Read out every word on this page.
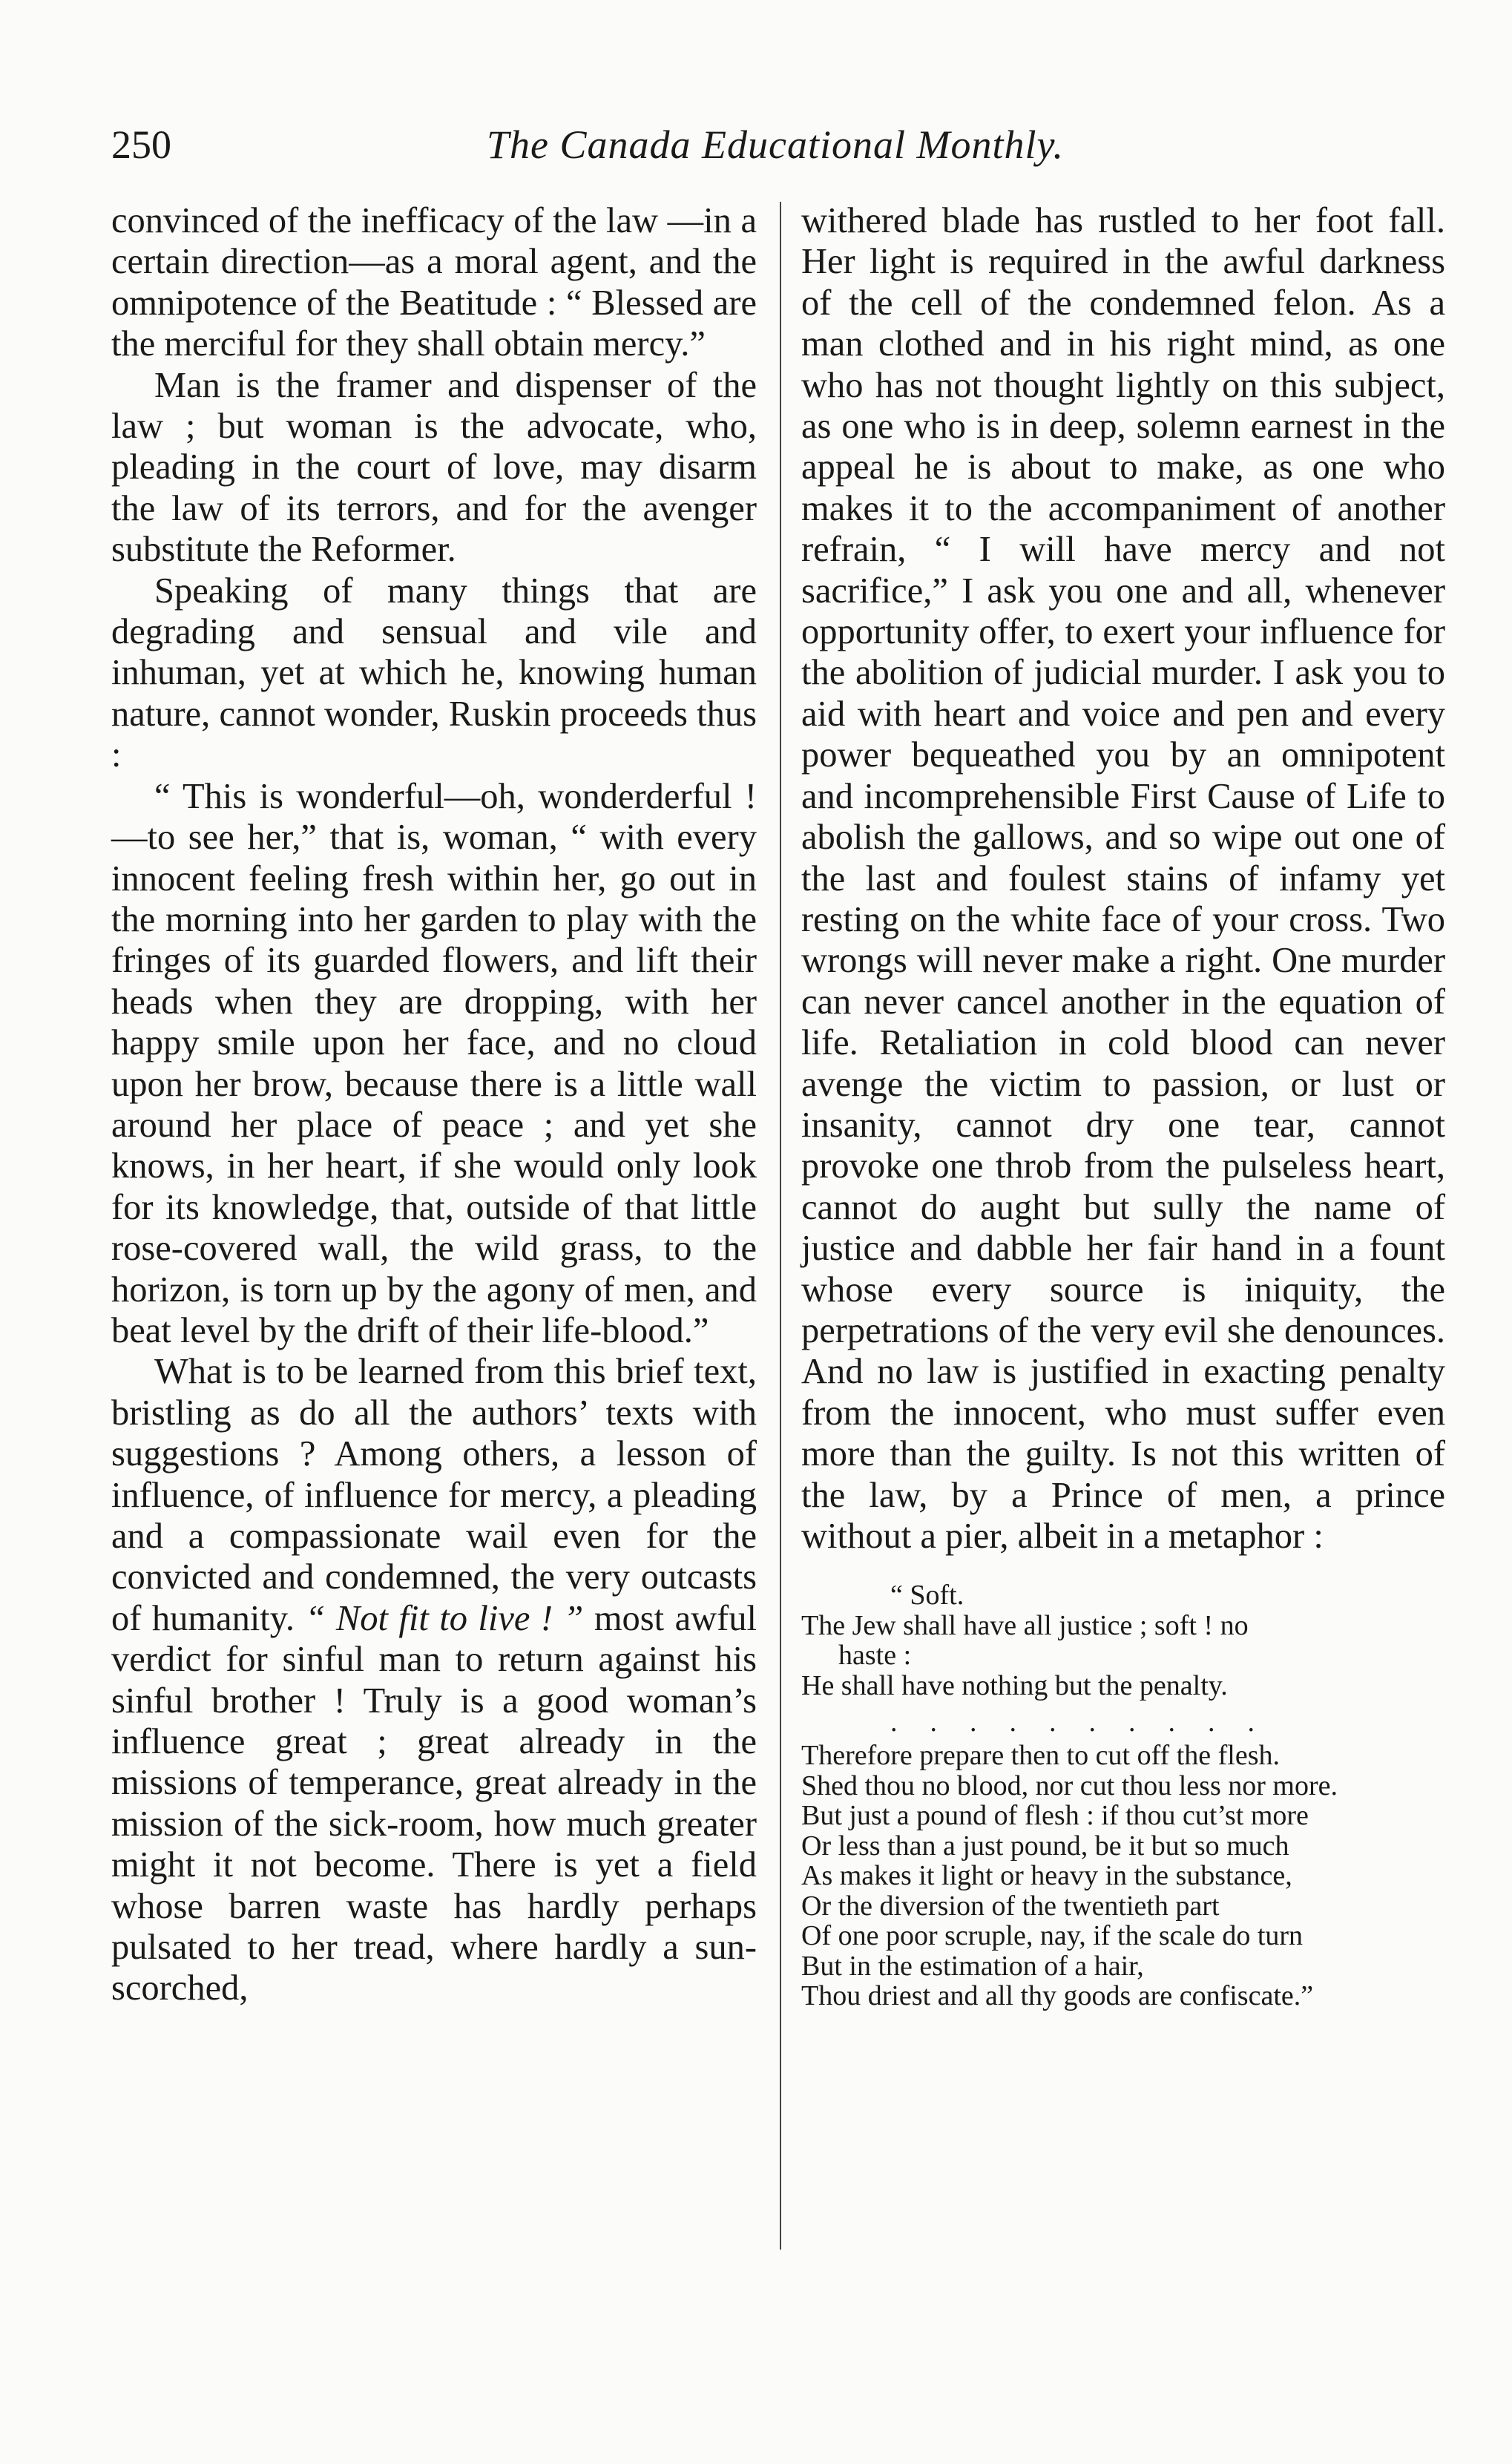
250	The Canada Educational Monthly.

convinced of the inefficacy of the law —in a certain direction—as a moral agent, and the omnipotence of the Beatitude : “ Blessed are the merciful for they shall obtain mercy.”

Man is the framer and dispenser of the law ; but woman is the advocate, who, pleading in the court of love, may disarm the law of its terrors, and for the avenger substitute the Reformer.

Speaking of many things that are degrading and sensual and vile and inhuman, yet at which he, knowing human nature, cannot wonder, Ruskin proceeds thus :

“ This is wonderful—oh, wonderderful !—to see her,” that is, woman, “ with every innocent feeling fresh within her, go out in the morning into her garden to play with the fringes of its guarded flowers, and lift their heads when they are dropping, with her happy smile upon her face, and no cloud upon her brow, because there is a little wall around her place of peace ; and yet she knows, in her heart, if she would only look for its knowledge, that, outside of that little rose-covered wall, the wild grass, to the horizon, is torn up by the agony of men, and beat level by the drift of their life-blood.”

What is to be learned from this brief text, bristling as do all the authors’ texts with suggestions ? Among others, a lesson of influence, of influence for mercy, a pleading and a compassionate wail even for the convicted and condemned, the very outcasts of humanity. “ Not fit to live ! ” most awful verdict for sinful man to return against his sinful brother ! Truly is a good woman’s influence great ; great already in the missions of temperance, great already in the mission of the sick-room, how much greater might it not become. There is yet a field whose barren waste has hardly perhaps pulsated to her tread, where hardly a sun-scorched,

withered blade has rustled to her foot fall. Her light is required in the awful darkness of the cell of the condemned felon. As a man clothed and in his right mind, as one who has not thought lightly on this subject, as one who is in deep, solemn earnest in the appeal he is about to make, as one who makes it to the accompaniment of another refrain, “ I will have mercy and not sacrifice,” I ask you one and all, whenever opportunity offer, to exert your influence for the abolition of judicial murder. I ask you to aid with heart and voice and pen and every power bequeathed you by an omnipotent and incomprehensible First Cause of Life to abolish the gallows, and so wipe out one of the last and foulest stains of infamy yet resting on the white face of your cross. Two wrongs will never make a right. One murder can never cancel another in the equation of life. Retaliation in cold blood can never avenge the victim to passion, or lust or insanity, cannot dry one tear, cannot provoke one throb from the pulseless heart, cannot do aught but sully the name of justice and dabble her fair hand in a fount whose every source is iniquity, the perpetrations of the very evil she denounces. And no law is justified in exacting penalty from the innocent, who must suffer even more than the guilty. Is not this written of the law, by a Prince of men, a prince without a pier, albeit in a metaphor :

“ Soft.
The Jew shall have all justice ; soft ! no
haste :
He shall have nothing but the penalty.
..........
Therefore prepare then to cut off the flesh.
Shed thou no blood, nor cut thou less nor more.
But just a pound of flesh : if thou cut’st more
Or less than a just pound, be it but so much
As makes it light or heavy in the substance,
Or the diversion of the twentieth part
Of one poor scruple, nay, if the scale do turn
But in the estimation of a hair,
Thou driest and all thy goods are confiscate.”
